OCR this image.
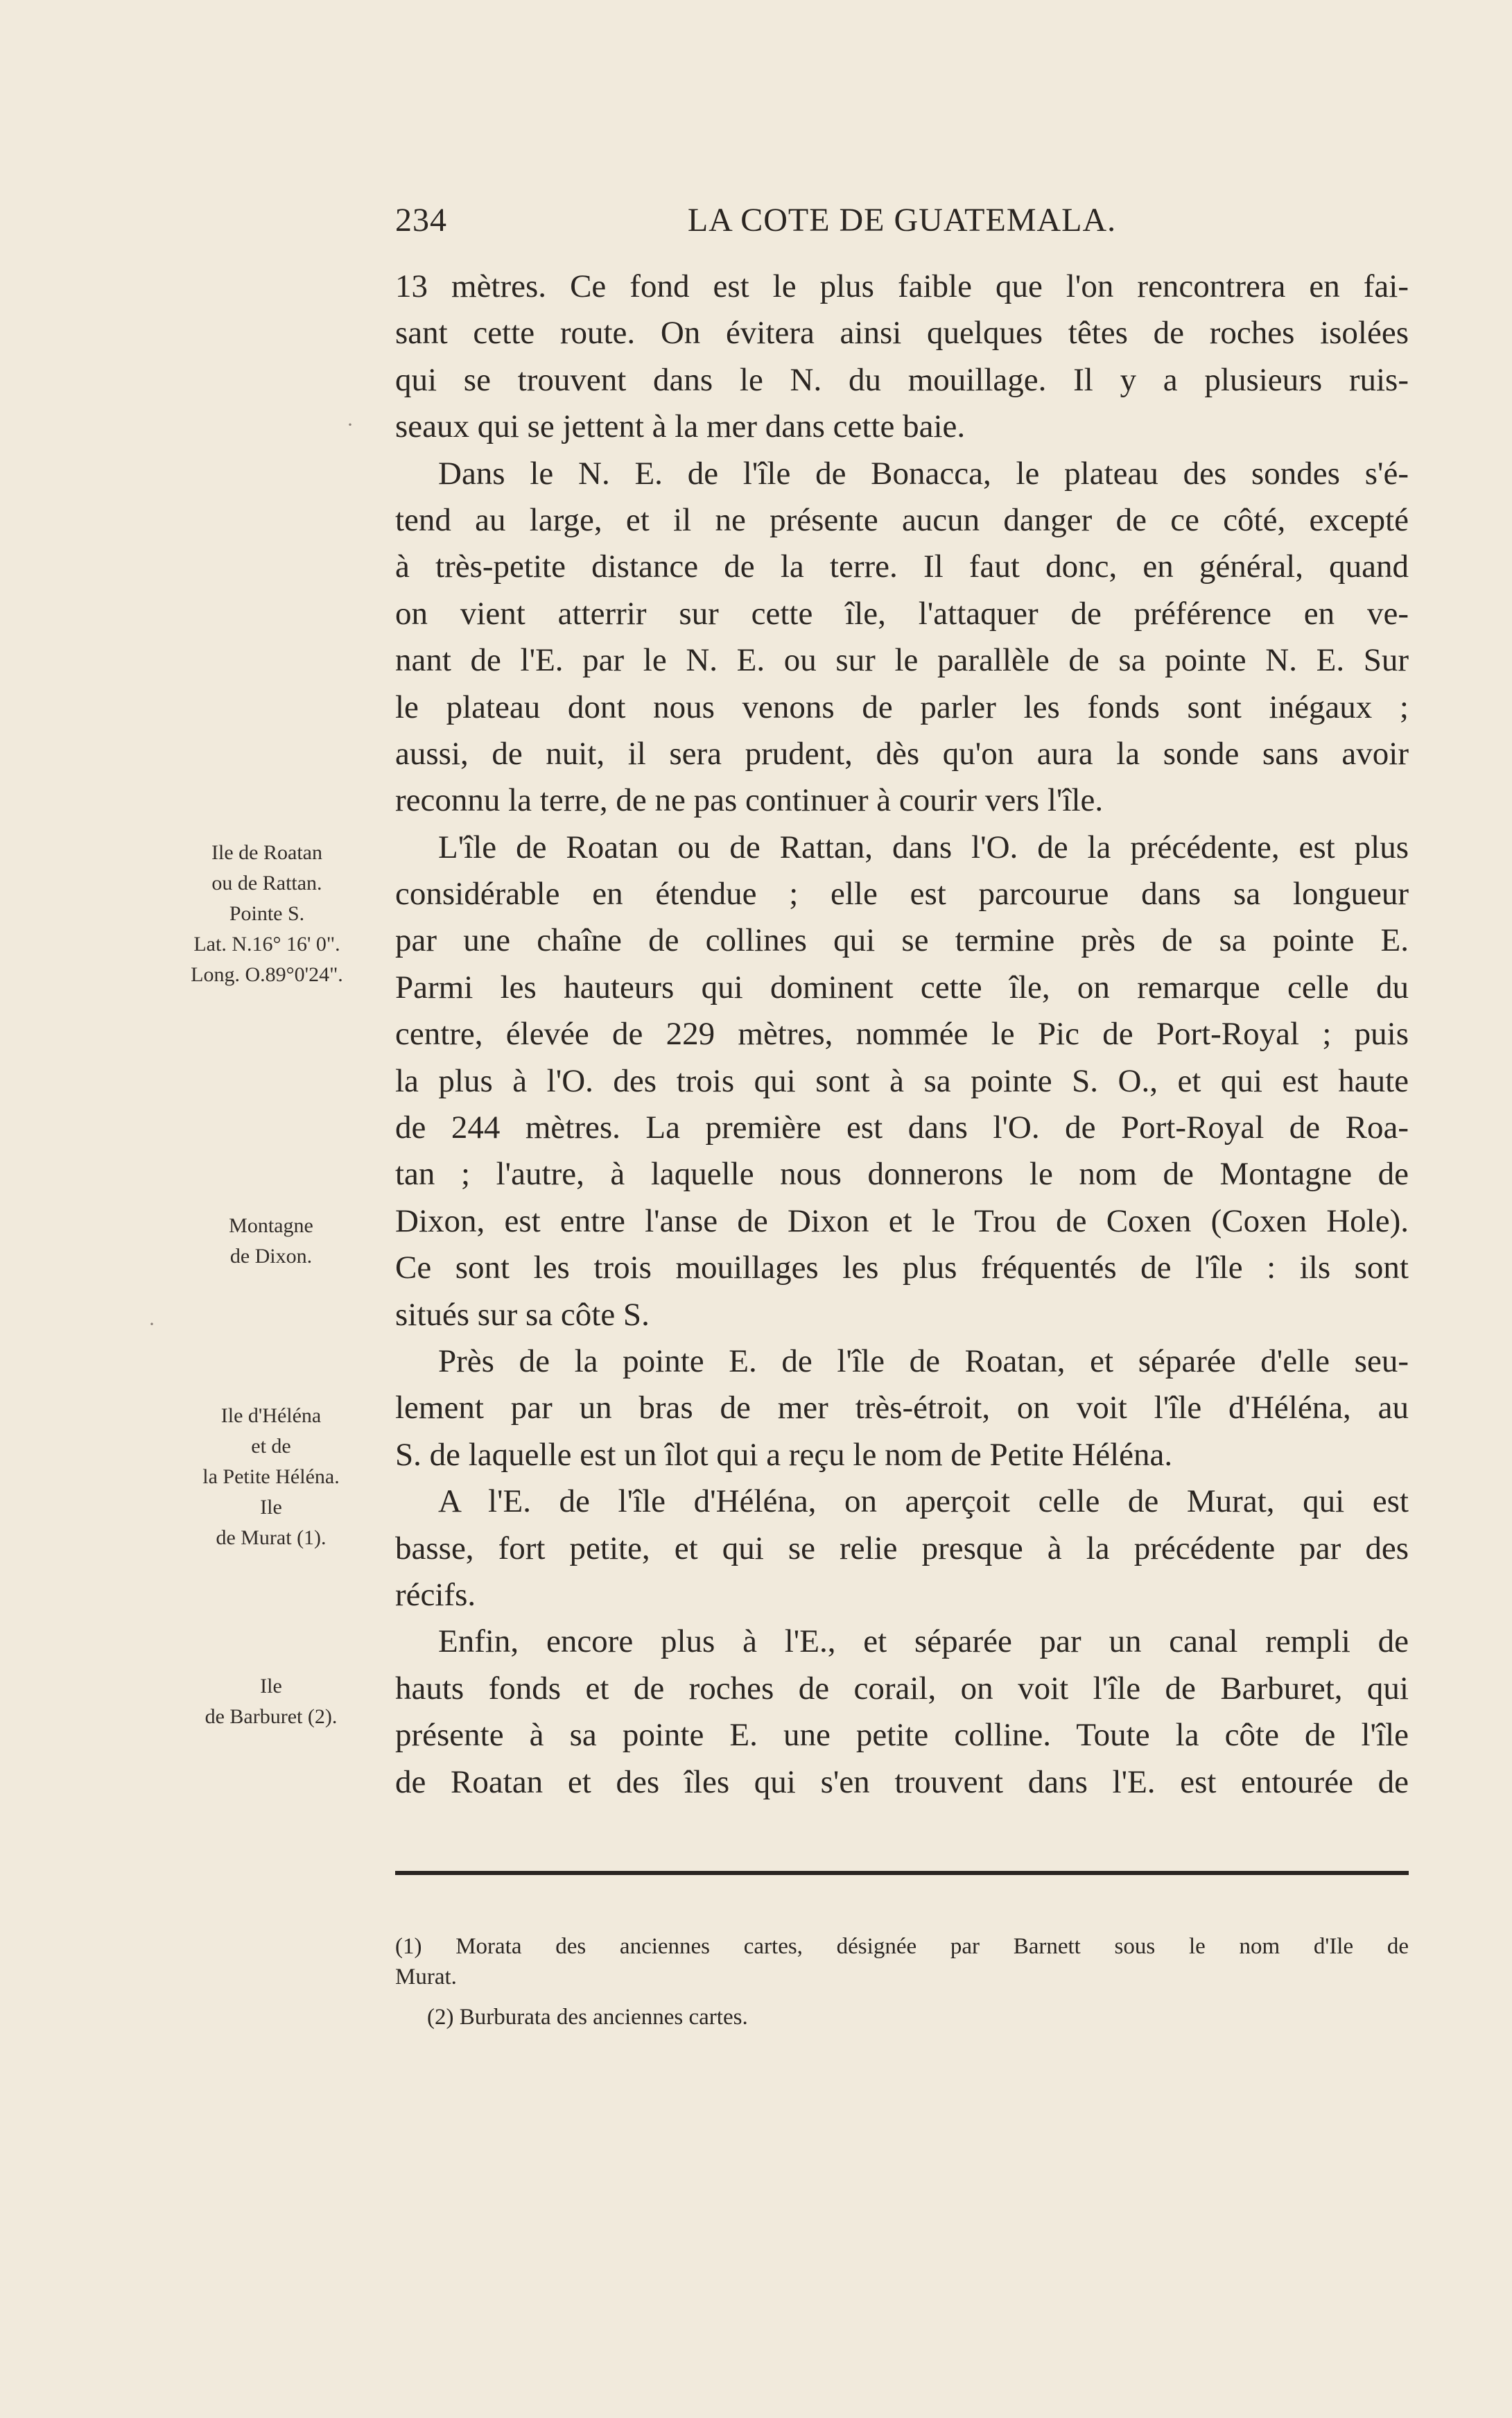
234	LA COTE DE GUATEMALA.
13 mètres. Ce fond est le plus faible que l'on rencontrera en fai-
sant cette route. On évitera ainsi quelques têtes de roches isolées
qui se trouvent dans le N. du mouillage. Il y a plusieurs ruis-
seaux qui se jettent à la mer dans cette baie.
Dans le N. E. de l'île de Bonacca, le plateau des sondes s'é-
tend au large, et il ne présente aucun danger de ce côté, excepté
à très-petite distance de la terre. Il faut donc, en général, quand
on vient atterrir sur cette île, l'attaquer de préférence en ve-
nant de l'E. par le N. E. ou sur le parallèle de sa pointe N. E. Sur
le plateau dont nous venons de parler les fonds sont inégaux ;
aussi, de nuit, il sera prudent, dès qu'on aura la sonde sans avoir
reconnu la terre, de ne pas continuer à courir vers l'île.
L'île de Roatan ou de Rattan, dans l'O. de la précédente, est plus
considérable en étendue ; elle est parcourue dans sa longueur
par une chaîne de collines qui se termine près de sa pointe E.
Parmi les hauteurs qui dominent cette île, on remarque celle du
centre, élevée de 229 mètres, nommée le Pic de Port-Royal ; puis
la plus à l'O. des trois qui sont à sa pointe S. O., et qui est haute
de 244 mètres. La première est dans l'O. de Port-Royal de Roa-
tan ; l'autre, à laquelle nous donnerons le nom de Montagne de
Dixon, est entre l'anse de Dixon et le Trou de Coxen (Coxen Hole).
Ce sont les trois mouillages les plus fréquentés de l'île : ils sont
situés sur sa côte S.
Près de la pointe E. de l'île de Roatan, et séparée d'elle seu-
lement par un bras de mer très-étroit, on voit l'île d'Héléna, au
S. de laquelle est un îlot qui a reçu le nom de Petite Héléna.
A l'E. de l'île d'Héléna, on aperçoit celle de Murat, qui est
basse, fort petite, et qui se relie presque à la précédente par des
récifs.
Enfin, encore plus à l'E., et séparée par un canal rempli de
hauts fonds et de roches de corail, on voit l'île de Barburet, qui
présente à sa pointe E. une petite colline. Toute la côte de l'île
de Roatan et des îles qui s'en trouvent dans l'E. est entourée de
Ile de Roatan
ou de Rattan.
Pointe S.
Lat. N.16° 16' 0".
Long. O.89°0'24".
Montagne
de Dixon.
Ile d'Héléna
et de
la Petite Héléna.
Ile
de Murat (1).
Ile
de Barburet (2).
·
·
(1) Morata des anciennes cartes, désignée par Barnett sous le nom d'Ile de
Murat.
(2) Burburata des anciennes cartes.
